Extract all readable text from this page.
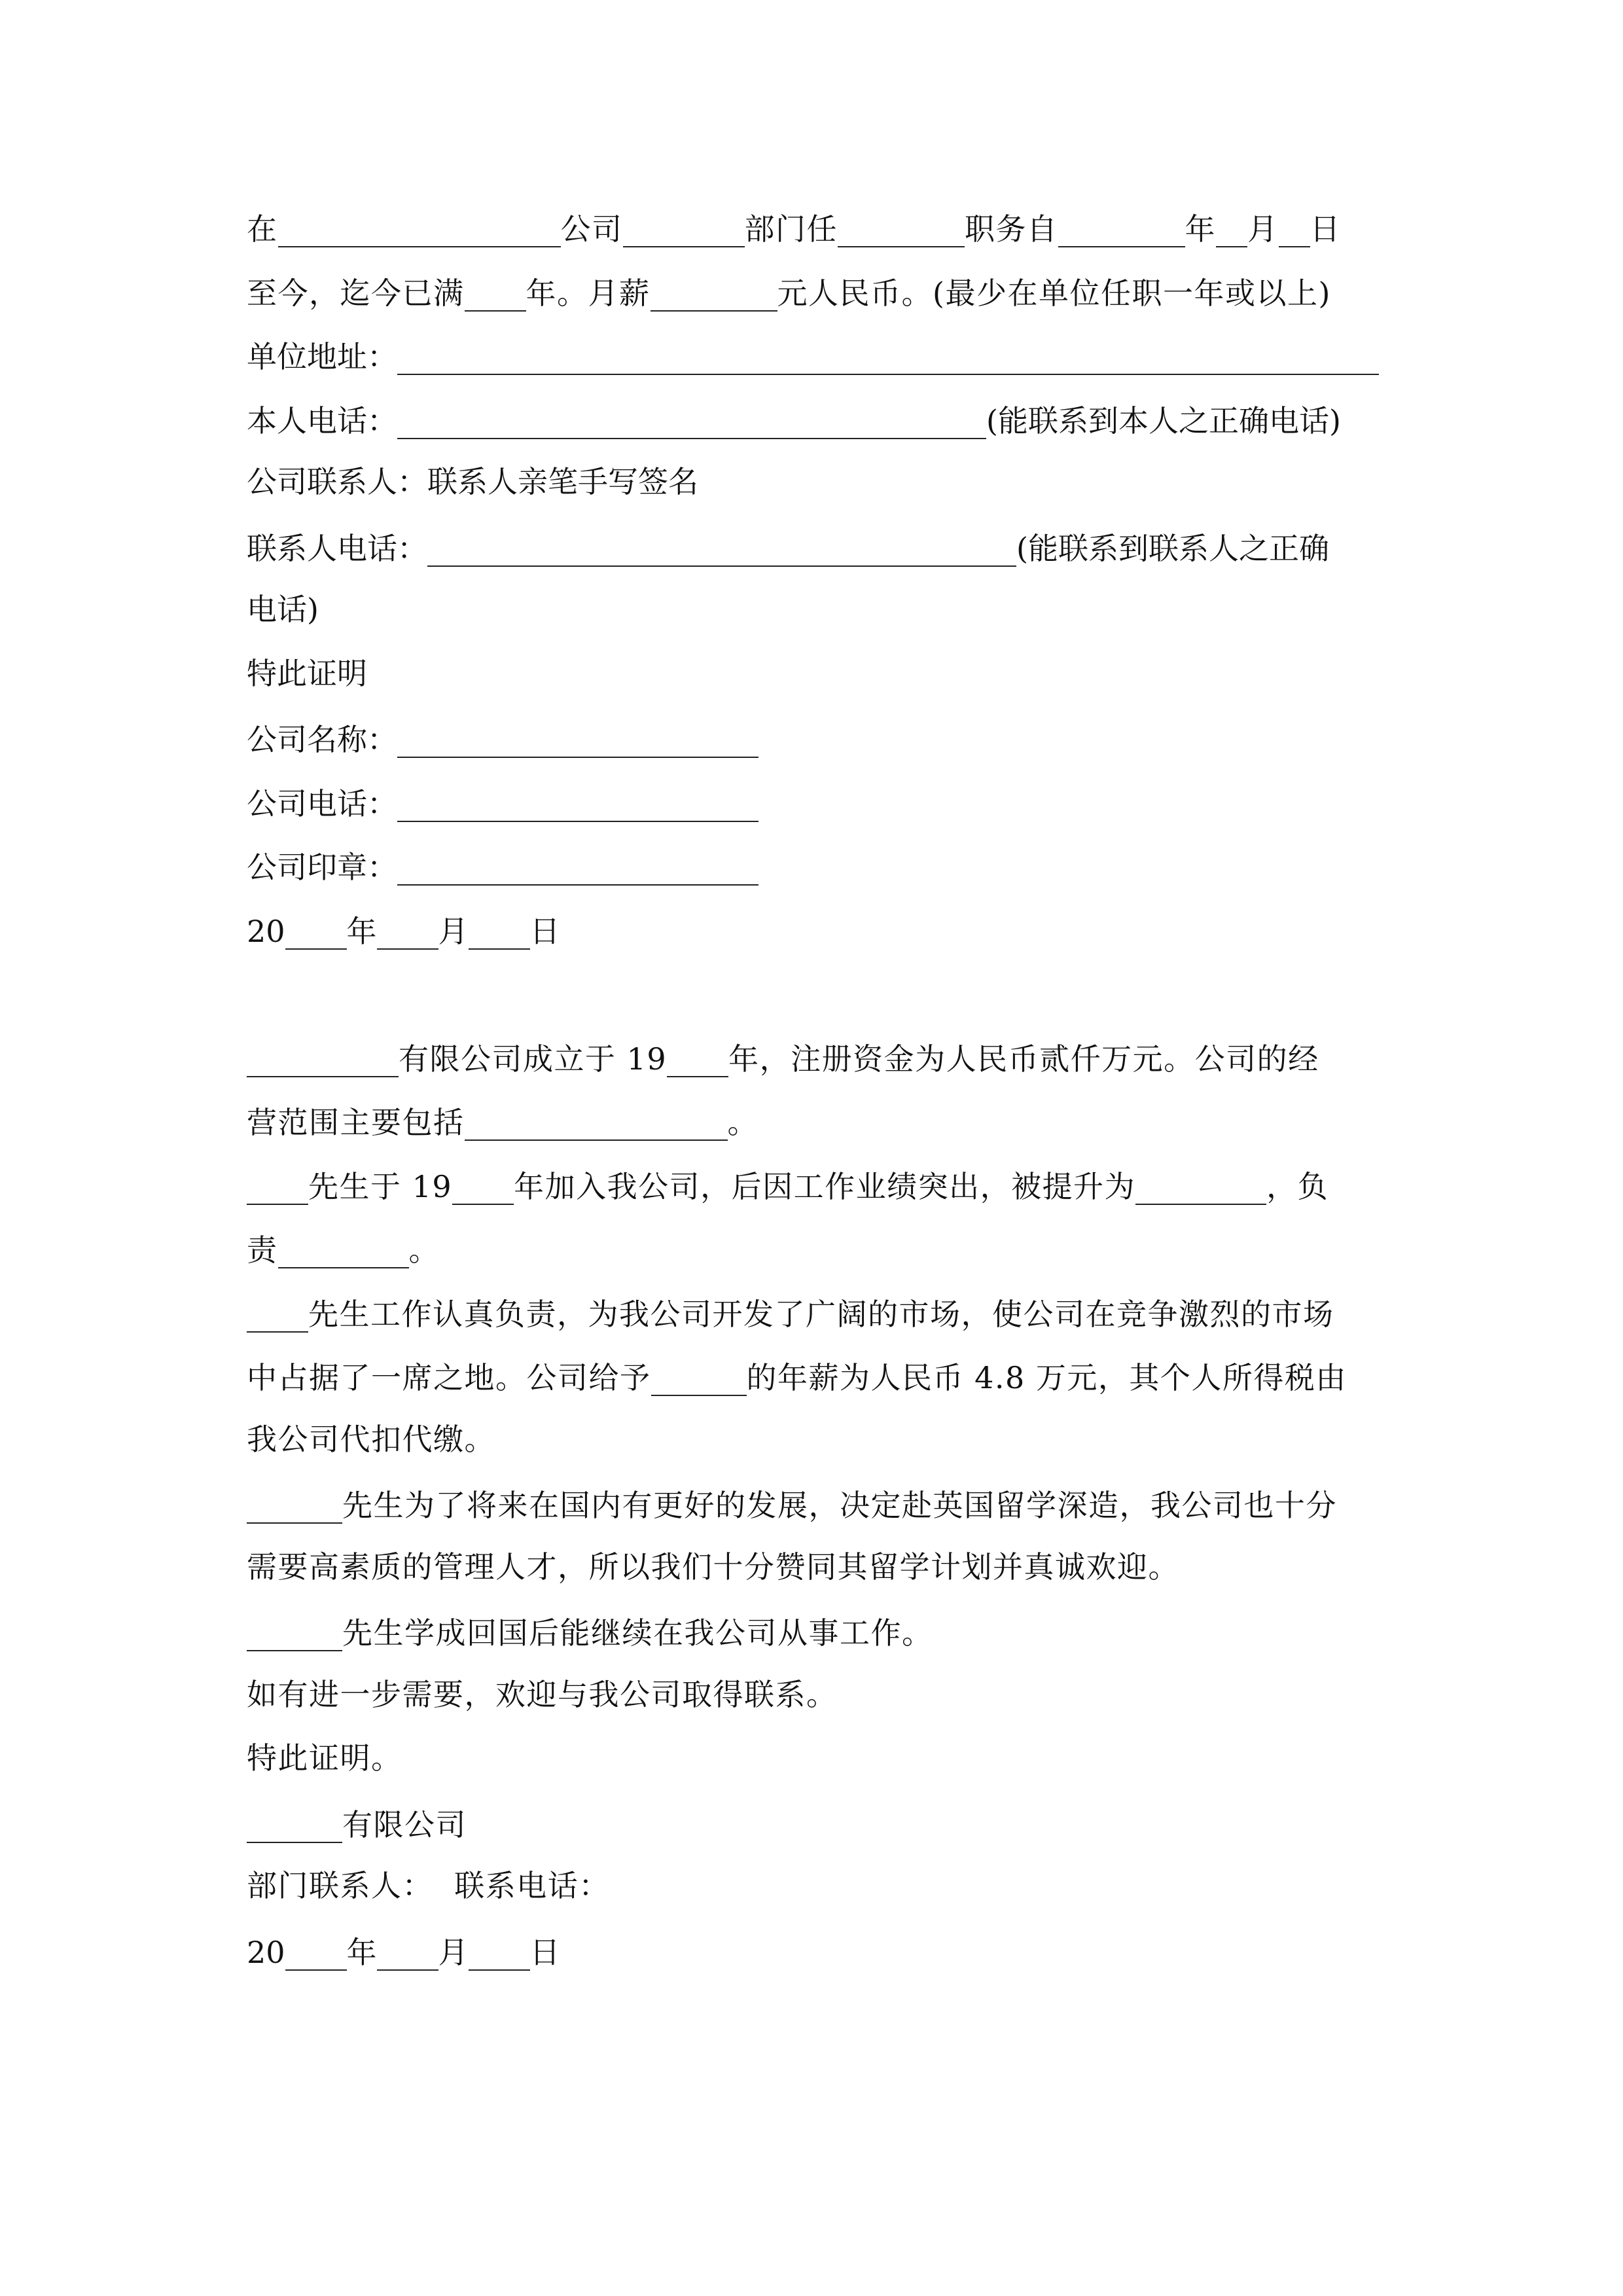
在	公司	部门任	职务自	年 月 日
至今，迄今已满 年。月薪	元人民币。(最少在单位任职一年或以上)
单位地址：
本人电话：	(能联系到本人之正确电话)
公司联系人：联系人亲笔手写签名
联系人电话：	(能联系到联系人之正确
电话)
特此证明
公司名称：
公司电话：
公司印章：
20 年 月 日
有限公司成立于 19 年，注册资金为人民币贰仟万元。公司的经
营范围主要包括	。
先生于 19 年加入我公司，后因工作业绩突出，被提升为	，负
责	。
先生工作认真负责，为我公司开发了广阔的市场，使公司在竞争激烈的市场
中占据了一席之地。公司给予	的年薪为人民币 4.8 万元，其个人所得税由
我公司代扣代缴。
先生为了将来在国内有更好的发展，决定赴英国留学深造，我公司也十分
需要高素质的管理人才，所以我们十分赞同其留学计划并真诚欢迎。
先生学成回国后能继续在我公司从事工作。
如有进一步需要，欢迎与我公司取得联系。
特此证明。
有限公司
部门联系人：  联系电话：
20 年 月 日
